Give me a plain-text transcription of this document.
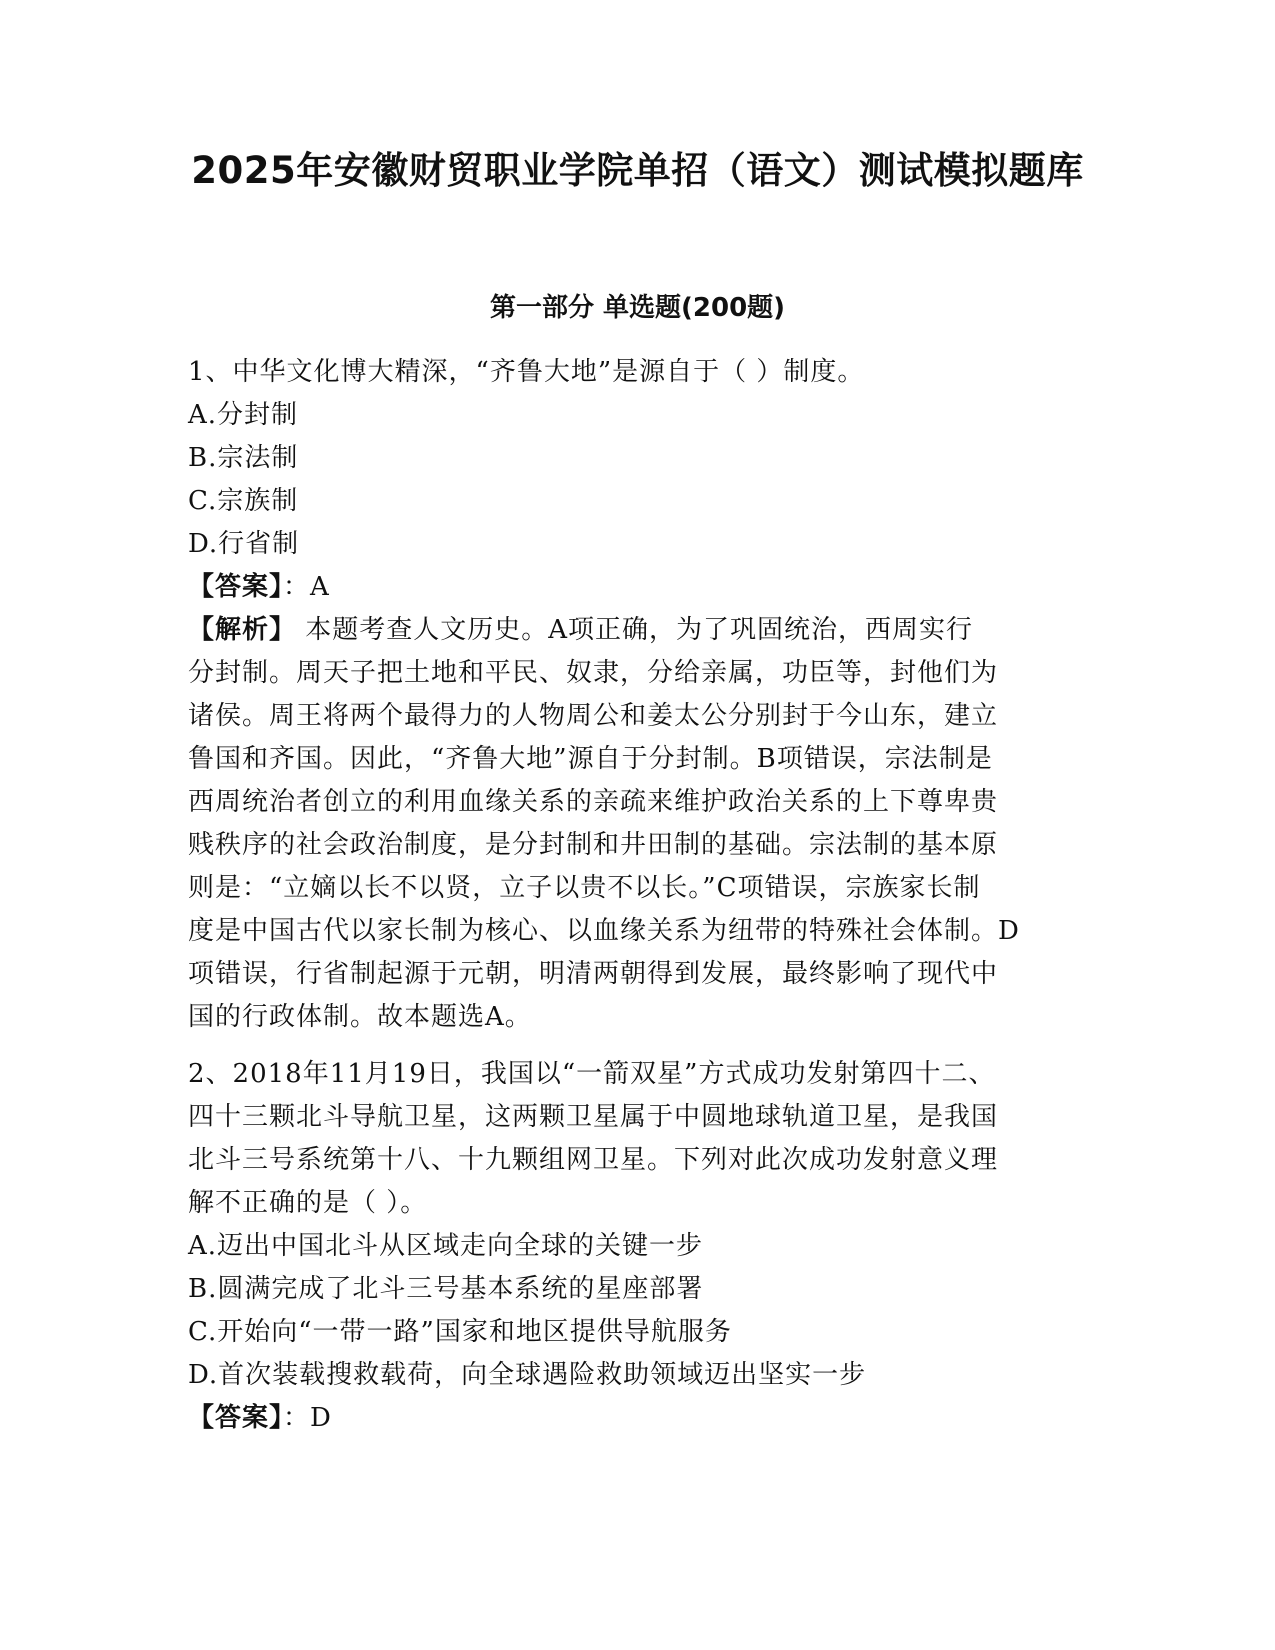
2025年安徽财贸职业学院单招（语文）测试模拟题库
第一部分 单选题(200题)
1、中华文化博大精深，“齐鲁大地”是源自于（ ）制度。
A.分封制
B.宗法制
C.宗族制
D.行省制
【答案】：A
【解析】 本题考查人文历史。A项正确，为了巩固统治，西周实行
分封制。周天子把土地和平民、奴隶，分给亲属，功臣等，封他们为
诸侯。周王将两个最得力的人物周公和姜太公分别封于今山东，建立
鲁国和齐国。因此，“齐鲁大地”源自于分封制。B项错误，宗法制是
西周统治者创立的利用血缘关系的亲疏来维护政治关系的上下尊卑贵
贱秩序的社会政治制度，是分封制和井田制的基础。宗法制的基本原
则是：“立嫡以长不以贤，立子以贵不以长。”C项错误，宗族家长制
度是中国古代以家长制为核心、以血缘关系为纽带的特殊社会体制。D
项错误，行省制起源于元朝，明清两朝得到发展，最终影响了现代中
国的行政体制。故本题选A。
2、2018年11月19日，我国以“一箭双星”方式成功发射第四十二、
四十三颗北斗导航卫星，这两颗卫星属于中圆地球轨道卫星，是我国
北斗三号系统第十八、十九颗组网卫星。下列对此次成功发射意义理
解不正确的是（ ）。
A.迈出中国北斗从区域走向全球的关键一步
B.圆满完成了北斗三号基本系统的星座部署
C.开始向“一带一路”国家和地区提供导航服务
D.首次装载搜救载荷，向全球遇险救助领域迈出坚实一步
【答案】：D
